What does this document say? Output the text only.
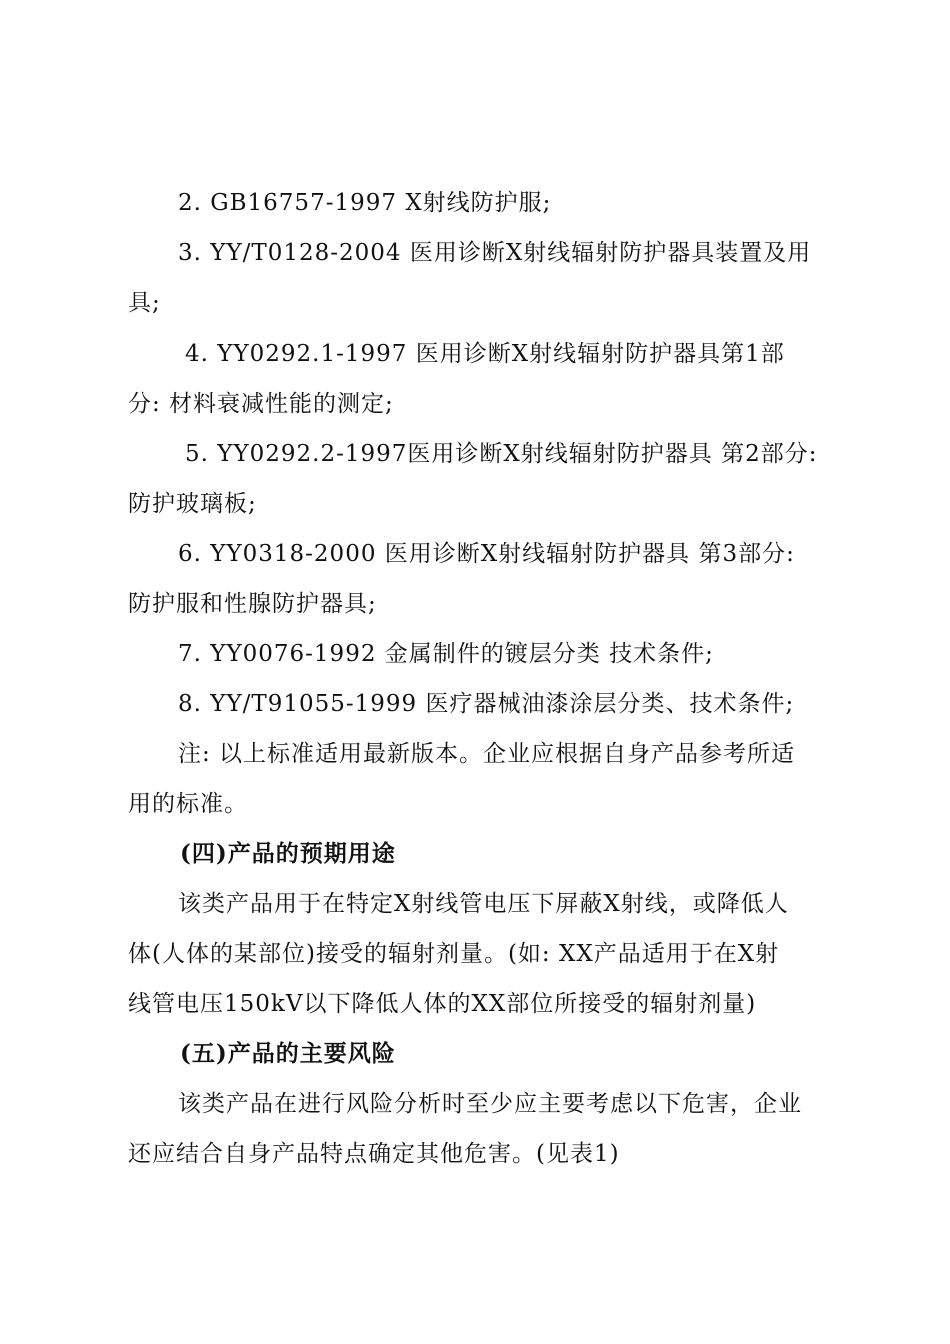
2. GB16757-1997 X射线防护服;
3. YY/T0128-2004 医用诊断X射线辐射防护器具装置及用
具;
4. YY0292.1-1997 医用诊断X射线辐射防护器具第1部
分: 材料衰减性能的测定;
5. YY0292.2-1997医用诊断X射线辐射防护器具 第2部分:
防护玻璃板;
6. YY0318-2000 医用诊断X射线辐射防护器具 第3部分:
防护服和性腺防护器具;
7. YY0076-1992 金属制件的镀层分类 技术条件;
8. YY/T91055-1999 医疗器械油漆涂层分类、技术条件;
注: 以上标准适用最新版本。企业应根据自身产品参考所适
用的标准。
(四)产品的预期用途
该类产品用于在特定X射线管电压下屏蔽X射线，或降低人
体(人体的某部位)接受的辐射剂量。(如: XX产品适用于在X射
线管电压150kV以下降低人体的XX部位所接受的辐射剂量)
(五)产品的主要风险
该类产品在进行风险分析时至少应主要考虑以下危害，企业
还应结合自身产品特点确定其他危害。(见表1)
